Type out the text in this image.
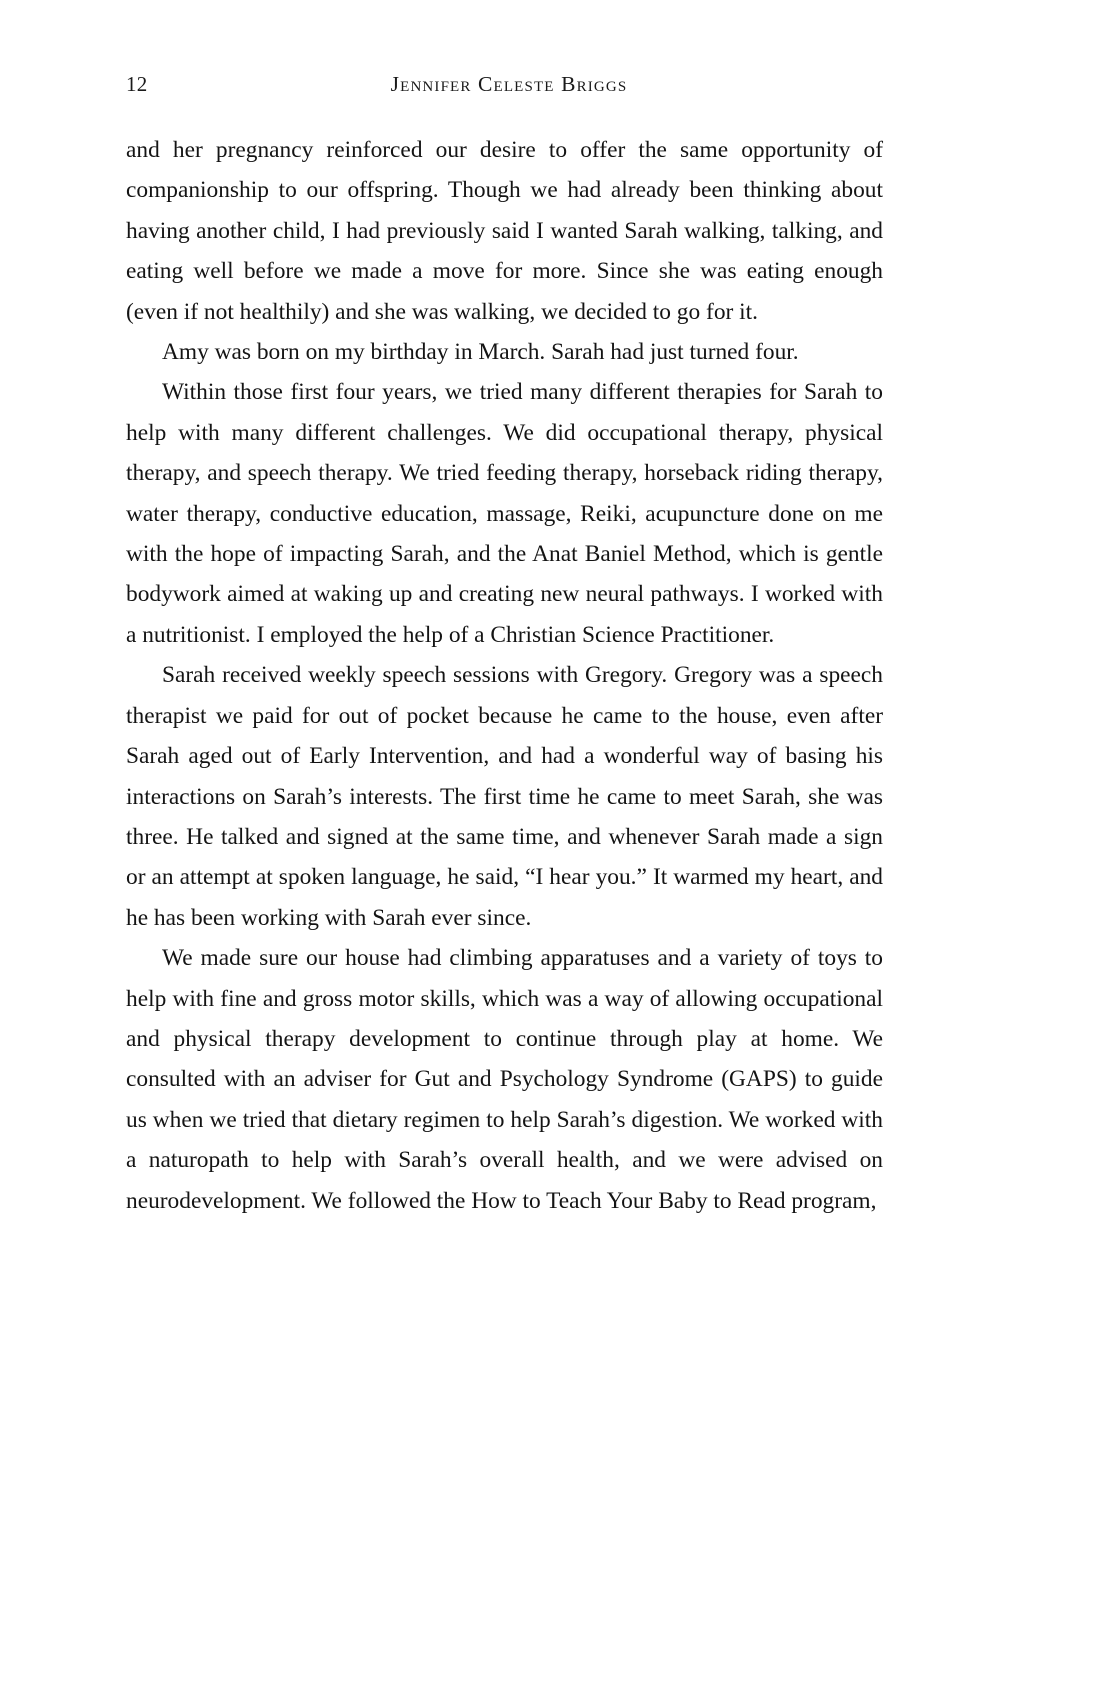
12	Jennifer Celeste Briggs

and her pregnancy reinforced our desire to offer the same opportunity of companionship to our offspring. Though we had already been thinking about having another child, I had previously said I wanted Sarah walking, talking, and eating well before we made a move for more. Since she was eating enough (even if not healthily) and she was walking, we decided to go for it.

Amy was born on my birthday in March. Sarah had just turned four.

Within those first four years, we tried many different therapies for Sarah to help with many different challenges. We did occupational therapy, physical therapy, and speech therapy. We tried feeding therapy, horseback riding therapy, water therapy, conductive education, massage, Reiki, acupuncture done on me with the hope of impacting Sarah, and the Anat Baniel Method, which is gentle bodywork aimed at waking up and creating new neural pathways. I worked with a nutritionist. I employed the help of a Christian Science Practitioner.

Sarah received weekly speech sessions with Gregory. Gregory was a speech therapist we paid for out of pocket because he came to the house, even after Sarah aged out of Early Intervention, and had a wonderful way of basing his interactions on Sarah’s interests. The first time he came to meet Sarah, she was three. He talked and signed at the same time, and whenever Sarah made a sign or an attempt at spoken language, he said, “I hear you.” It warmed my heart, and he has been working with Sarah ever since.

We made sure our house had climbing apparatuses and a variety of toys to help with fine and gross motor skills, which was a way of allowing occupational and physical therapy development to continue through play at home. We consulted with an adviser for Gut and Psychology Syndrome (GAPS) to guide us when we tried that dietary regimen to help Sarah’s digestion. We worked with a naturopath to help with Sarah’s overall health, and we were advised on neurodevelopment. We followed the How to Teach Your Baby to Read program,
